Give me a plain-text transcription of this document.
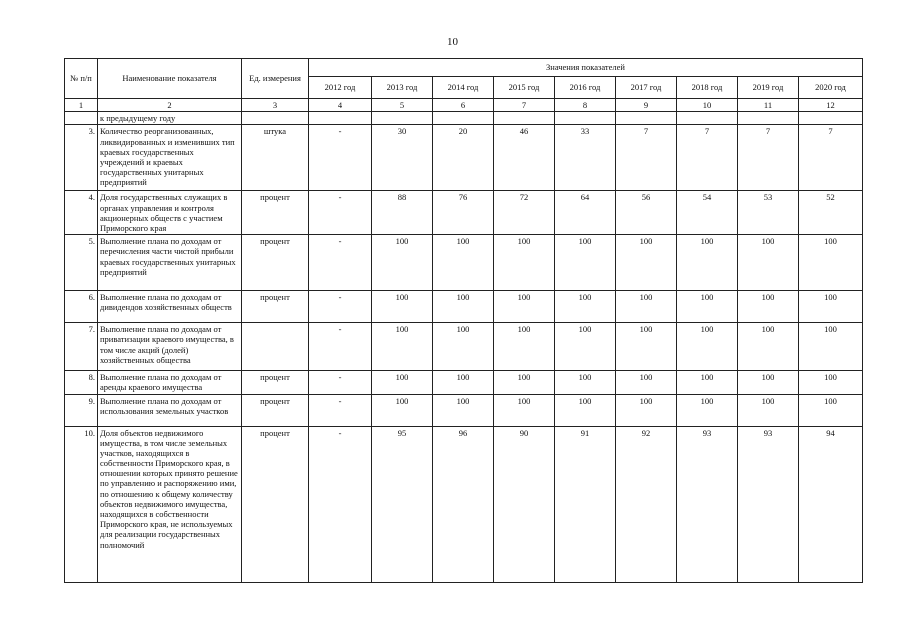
10
№ п/п	Наименование показателя	Ед. измерения	Значения показателей								
			2012 год	2013 год	2014 год	2015 год	2016 год	2017 год	2018 год	2019 год	2020 год
1	2	3	4	5	6	7	8	9	10	11	12
	к предыдущему году										
3.	Количество реорганизованных, ликвидированных и изменивших тип краевых государственных учреждений и краевых государственных унитарных предприятий	штука	-	30	20	46	33	7	7	7	7
4.	Доля государственных служащих в органах управления и контроля акционерных обществ с участием Приморского края	процент	-	88	76	72	64	56	54	53	52
5.	Выполнение плана по доходам от перечисления части чистой прибыли краевых государственных унитарных предприятий	процент	-	100	100	100	100	100	100	100	100
6.	Выполнение плана по доходам от дивидендов хозяйственных обществ	процент	-	100	100	100	100	100	100	100	100
7.	Выполнение плана по доходам от приватизации краевого имущества, в том числе акций (долей) хозяйственных общества		-	100	100	100	100	100	100	100	100
8.	Выполнение плана по доходам от аренды краевого имущества	процент	-	100	100	100	100	100	100	100	100
9.	Выполнение плана по доходам от использования земельных участков	процент	-	100	100	100	100	100	100	100	100
10.	Доля объектов недвижимого имущества, в том числе земельных участков, находящихся в собственности Приморского края, в отношении которых принято решение по управлению и распоряжению ими, по отношению к общему количеству объектов недвижимого имущества, находящихся в собственности Приморского края, не используемых для реализации государственных полномочий	процент	-	95	96	90	91	92	93	93	94
